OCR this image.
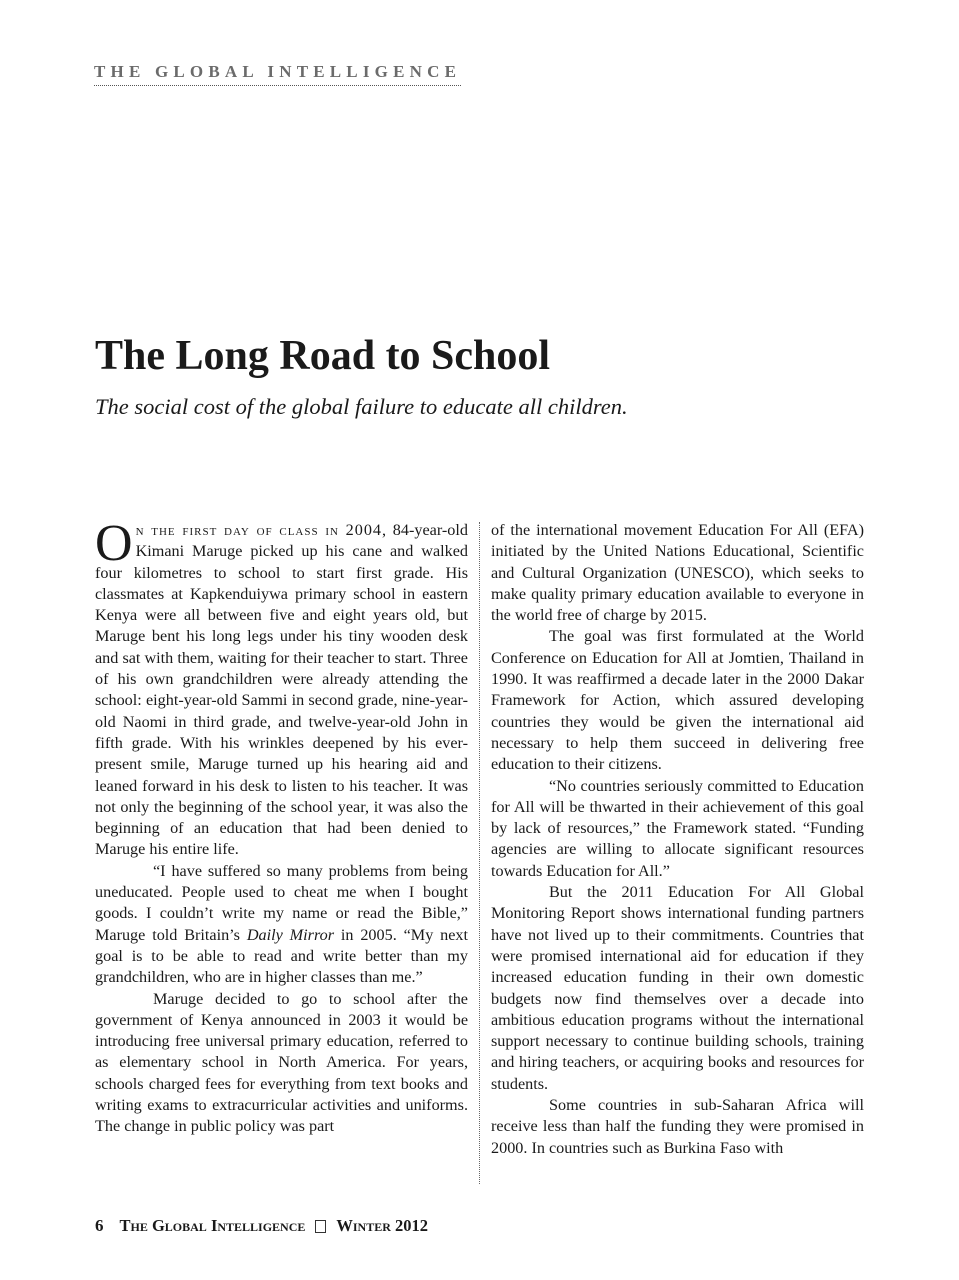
THE GLOBAL INTELLIGENCE
The Long Road to School
The social cost of the global failure to educate all children.

On the first day of class in 2004, 84-year-old Kimani Maruge picked up his cane and walked four kilometres to school to start first grade. His classmates at Kapkenduiywa primary school in eastern Kenya were all between five and eight years old, but Maruge bent his long legs under his tiny wooden desk and sat with them, waiting for their teacher to start. Three of his own grandchildren were already attending the school: eight-year-old Sammi in second grade, nine-year-old Naomi in third grade, and twelve-year-old John in fifth grade. With his wrinkles deepened by his ever-present smile, Maruge turned up his hearing aid and leaned forward in his desk to listen to his teacher. It was not only the beginning of the school year, it was also the beginning of an education that had been denied to Maruge his entire life.

“I have suffered so many problems from being uneducated. People used to cheat me when I bought goods. I couldn’t write my name or read the Bible,” Maruge told Britain’s Daily Mirror in 2005. “My next goal is to be able to read and write better than my grandchildren, who are in higher classes than me.”

Maruge decided to go to school after the government of Kenya announced in 2003 it would be introducing free universal primary education, referred to as elementary school in North America. For years, schools charged fees for everything from text books and writing exams to extracurricular activities and uniforms. The change in public policy was part

of the international movement Education For All (EFA) initiated by the United Nations Educational, Scientific and Cultural Organization (UNESCO), which seeks to make quality primary education available to everyone in the world free of charge by 2015.

The goal was first formulated at the World Conference on Education for All at Jomtien, Thailand in 1990. It was reaffirmed a decade later in the 2000 Dakar Framework for Action, which assured developing countries they would be given the international aid necessary to help them succeed in delivering free education to their citizens.

“No countries seriously committed to Education for All will be thwarted in their achievement of this goal by lack of resources,” the Framework stated. “Funding agencies are willing to allocate significant resources towards Education for All.”

But the 2011 Education For All Global Monitoring Report shows international funding partners have not lived up to their commitments. Countries that were promised international aid for education if they increased education funding in their own domestic budgets now find themselves over a decade into ambitious education programs without the international support necessary to continue building schools, training and hiring teachers, or acquiring books and resources for students.

Some countries in sub-Saharan Africa will receive less than half the funding they were promised in 2000. In countries such as Burkina Faso with

6 The Global Intelligence Winter 2012
